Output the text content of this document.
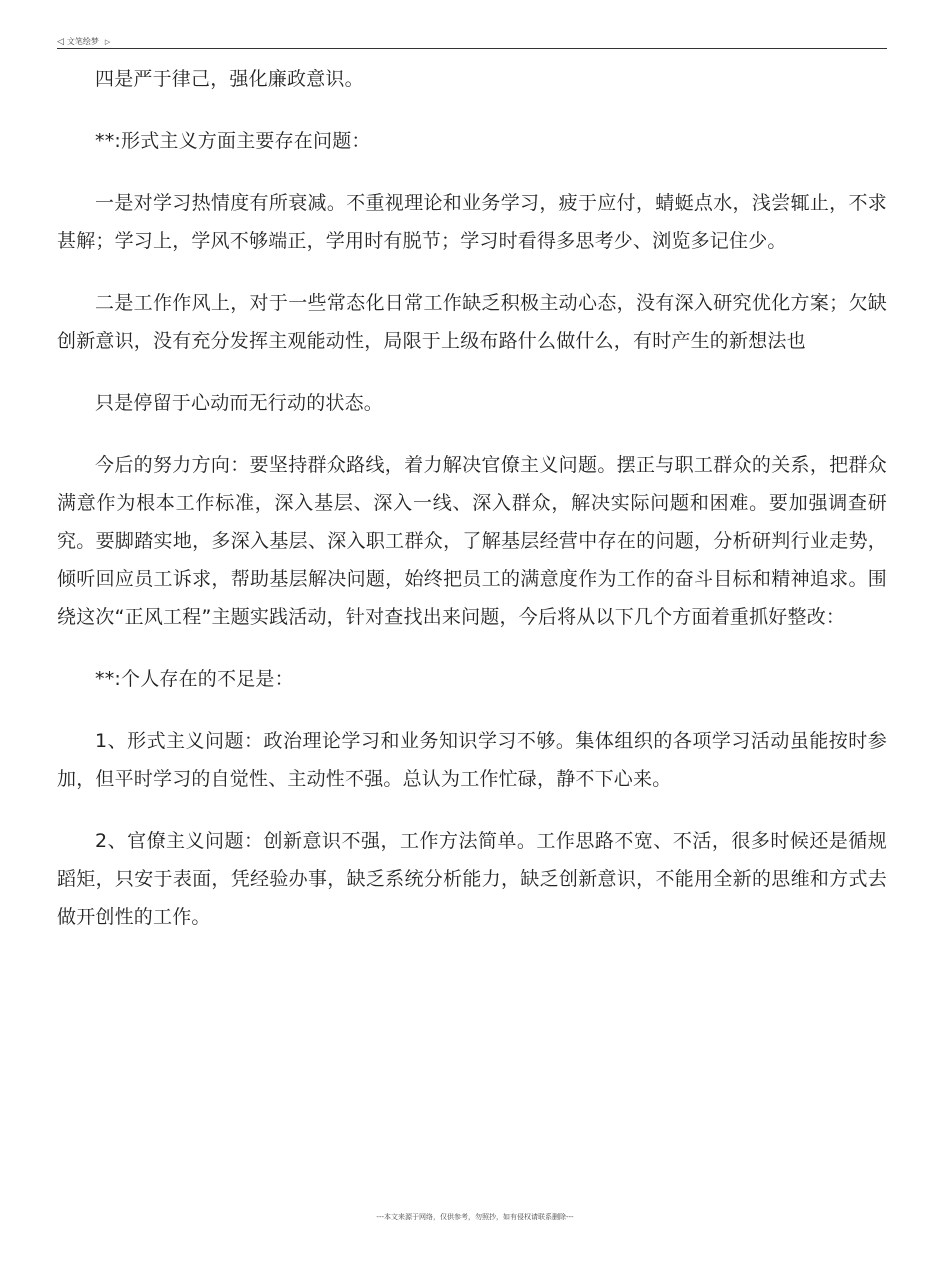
◁ 文笔绘梦 ▷

四是严于律己，强化廉政意识。

**:形式主义方面主要存在问题：

一是对学习热情度有所衰减。不重视理论和业务学习，疲于应付，蜻蜓点水，浅尝辄止，不求甚解；学习上，学风不够端正，学用时有脱节；学习时看得多思考少、浏览多记住少。

二是工作作风上，对于一些常态化日常工作缺乏积极主动心态，没有深入研究优化方案；欠缺创新意识，没有充分发挥主观能动性，局限于上级布路什么做什么，有时产生的新想法也

只是停留于心动而无行动的状态。

今后的努力方向：要坚持群众路线，着力解决官僚主义问题。摆正与职工群众的关系，把群众满意作为根本工作标准，深入基层、深入一线、深入群众，解决实际问题和困难。要加强调查研究。要脚踏实地，多深入基层、深入职工群众，了解基层经营中存在的问题，分析研判行业走势，倾听回应员工诉求，帮助基层解决问题，始终把员工的满意度作为工作的奋斗目标和精神追求。围绕这次“正风工程”主题实践活动，针对查找出来问题，今后将从以下几个方面着重抓好整改：

**:个人存在的不足是：

1、形式主义问题：政治理论学习和业务知识学习不够。集体组织的各项学习活动虽能按时参加，但平时学习的自觉性、主动性不强。总认为工作忙碌，静不下心来。

2、官僚主义问题：创新意识不强，工作方法简单。工作思路不宽、不活，很多时候还是循规蹈矩，只安于表面，凭经验办事，缺乏系统分析能力，缺乏创新意识，不能用全新的思维和方式去做开创性的工作。

---本文来源于网络，仅供参考，勿照抄，如有侵权请联系删除---
